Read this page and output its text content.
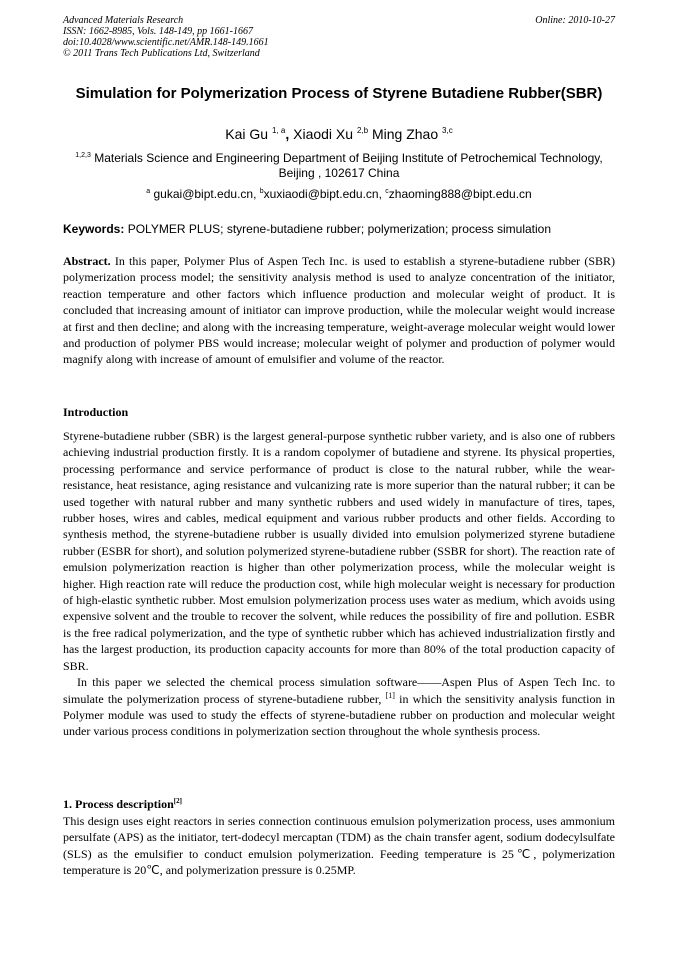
Advanced Materials Research
ISSN: 1662-8985, Vols. 148-149, pp 1661-1667
doi:10.4028/www.scientific.net/AMR.148-149.1661
© 2011 Trans Tech Publications Ltd, Switzerland
Online: 2010-10-27
Simulation for Polymerization Process of Styrene Butadiene Rubber(SBR)
Kai Gu $^{1, a}$, Xiaodi Xu $^{2,b}$ Ming Zhao $^{3,c}$
$^{1,2,3}$ Materials Science and Engineering Department of Beijing Institute of Petrochemical Technology, Beijing , 102617 China
$^a$ gukai@bipt.edu.cn, $^b$xuxiaodi@bipt.edu.cn, $^c$zhaoming888@bipt.edu.cn
Keywords: POLYMER PLUS; styrene-butadiene rubber; polymerization; process simulation
Abstract. In this paper, Polymer Plus of Aspen Tech Inc. is used to establish a styrene-butadiene rubber (SBR) polymerization process model; the sensitivity analysis method is used to analyze concentration of the initiator, reaction temperature and other factors which influence production and molecular weight of product. It is concluded that increasing amount of initiator can improve production, while the molecular weight would increase at first and then decline; and along with the increasing temperature, weight-average molecular weight would lower and production of polymer PBS would increase; molecular weight of polymer and production of polymer would magnify along with increase of amount of emulsifier and volume of the reactor.
Introduction

Styrene-butadiene rubber (SBR) is the largest general-purpose synthetic rubber variety, and is also one of rubbers achieving industrial production firstly. It is a random copolymer of butadiene and styrene. Its physical properties, processing performance and service performance of product is close to the natural rubber, while the wear-resistance, heat resistance, aging resistance and vulcanizing rate is more superior than the natural rubber; it can be used together with natural rubber and many synthetic rubbers and used widely in manufacture of tires, tapes, rubber hoses, wires and cables, medical equipment and various rubber products and other fields. According to synthesis method, the styrene-butadiene rubber is usually divided into emulsion polymerized styrene butadiene rubber (ESBR for short), and solution polymerized styrene-butadiene rubber (SSBR for short). The reaction rate of emulsion polymerization reaction is higher than other polymerization process, while the molecular weight is higher. High reaction rate will reduce the production cost, while high molecular weight is necessary for production of high-elastic synthetic rubber. Most emulsion polymerization process uses water as medium, which avoids using expensive solvent and the trouble to recover the solvent, while reduces the possibility of fire and pollution. ESBR is the free radical polymerization, and the type of synthetic rubber which has achieved industrialization firstly and has the largest production, its production capacity accounts for more than 80% of the total production capacity of SBR.

In this paper we selected the chemical process simulation software——Aspen Plus of Aspen Tech Inc. to simulate the polymerization process of styrene-butadiene rubber, [1] in which the sensitivity analysis function in Polymer module was used to study the effects of styrene-butadiene rubber on production and molecular weight under various process conditions in polymerization section throughout the whole synthesis process.

1. Process description[2]
This design uses eight reactors in series connection continuous emulsion polymerization process, uses ammonium persulfate (APS) as the initiator, tert-dodecyl mercaptan (TDM) as the chain transfer agent, sodium dodecylsulfate (SLS) as the emulsifier to conduct emulsion polymerization. Feeding temperature is 25℃, polymerization temperature is 20℃, and polymerization pressure is 0.25MP.
